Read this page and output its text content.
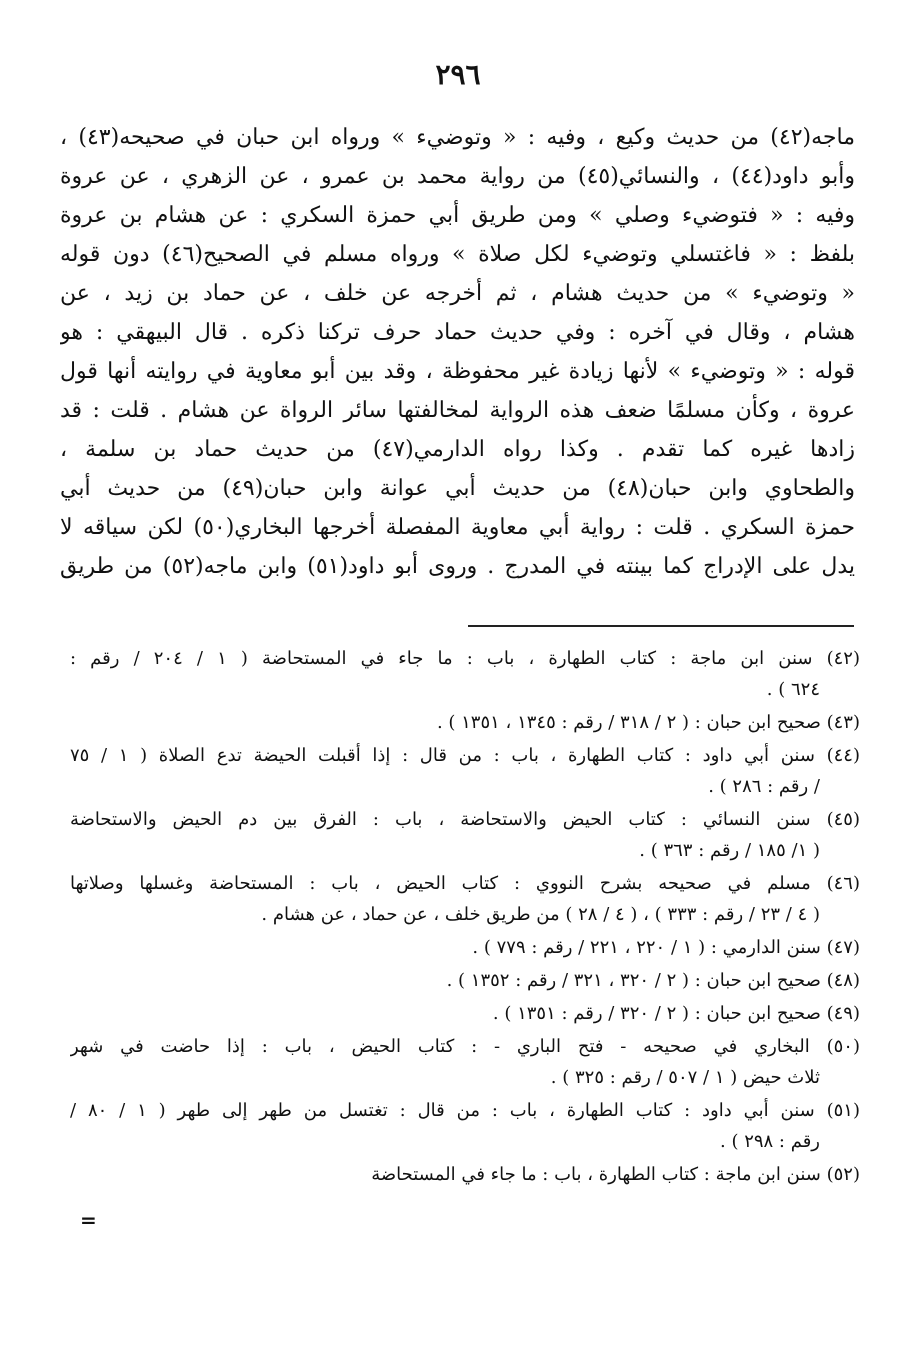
٢٩٦
ماجه(٤٢) من حديث وكيع ، وفيه : « وتوضيء » ورواه ابن حبان في صحيحه(٤٣) ،
وأبو داود(٤٤) ، والنسائي(٤٥) من رواية محمد بن عمرو ، عن الزهري ، عن عروة
وفيه : « فتوضيء وصلي » ومن طريق أبي حمزة السكري : عن هشام بن عروة
بلفظ : « فاغتسلي وتوضيء لكل صلاة » ورواه مسلم في الصحيح(٤٦) دون قوله
« وتوضيء » من حديث هشام ، ثم أخرجه عن خلف ، عن حماد بن زيد ، عن
هشام ، وقال في آخره : وفي حديث حماد حرف تركنا ذكره . قال البيهقي : هو
قوله : « وتوضيء » لأنها زيادة غير محفوظة ، وقد بين أبو معاوية في روايته أنها قول
عروة ، وكأن مسلمًا ضعف هذه الرواية لمخالفتها سائر الرواة عن هشام . قلت : قد
زادها غيره كما تقدم . وكذا رواه الدارمي(٤٧) من حديث حماد بن سلمة ،
والطحاوي وابن حبان(٤٨) من حديث أبي عوانة وابن حبان(٤٩) من حديث أبي
حمزة السكري . قلت : رواية أبي معاوية المفصلة أخرجها البخاري(٥٠) لكن سياقه لا
يدل على الإدراج كما بينته في المدرج . وروى أبو داود(٥١) وابن ماجه(٥٢) من طريق
(٤٢) سنن ابن ماجة : كتاب الطهارة ، باب : ما جاء في المستحاضة ( ١ / ٢٠٤ / رقم :
٦٢٤ ) .
(٤٣) صحيح ابن حبان : ( ٢ / ٣١٨ / رقم : ١٣٤٥ ، ١٣٥١ ) .
(٤٤) سنن أبي داود : كتاب الطهارة ، باب : من قال : إذا أقبلت الحيضة تدع الصلاة ( ١ / ٧٥
/ رقم : ٢٨٦ ) .
(٤٥) سنن النسائي : كتاب الحيض والاستحاضة ، باب : الفرق بين دم الحيض والاستحاضة
( ١/ ١٨٥ / رقم : ٣٦٣ ) .
(٤٦) مسلم في صحيحه بشرح النووي : كتاب الحيض ، باب : المستحاضة وغسلها وصلاتها
( ٤ / ٢٣ / رقم : ٣٣٣ ) ، ( ٤ / ٢٨ ) من طريق خلف ، عن حماد ، عن هشام .
(٤٧) سنن الدارمي : ( ١ / ٢٢٠ ، ٢٢١ / رقم : ٧٧٩ ) .
(٤٨) صحيح ابن حبان : ( ٢ / ٣٢٠ ، ٣٢١ / رقم : ١٣٥٢ ) .
(٤٩) صحيح ابن حبان : ( ٢ / ٣٢٠ / رقم : ١٣٥١ ) .
(٥٠) البخاري في صحيحه - فتح الباري - : كتاب الحيض ، باب : إذا حاضت في شهر
ثلاث حيض ( ١ / ٥٠٧ / رقم : ٣٢٥ ) .
(٥١) سنن أبي داود : كتاب الطهارة ، باب : من قال : تغتسل من طهر إلى طهر ( ١ / ٨٠ /
رقم : ٢٩٨ ) .
(٥٢) سنن ابن ماجة : كتاب الطهارة ، باب : ما جاء في المستحاضة
=
